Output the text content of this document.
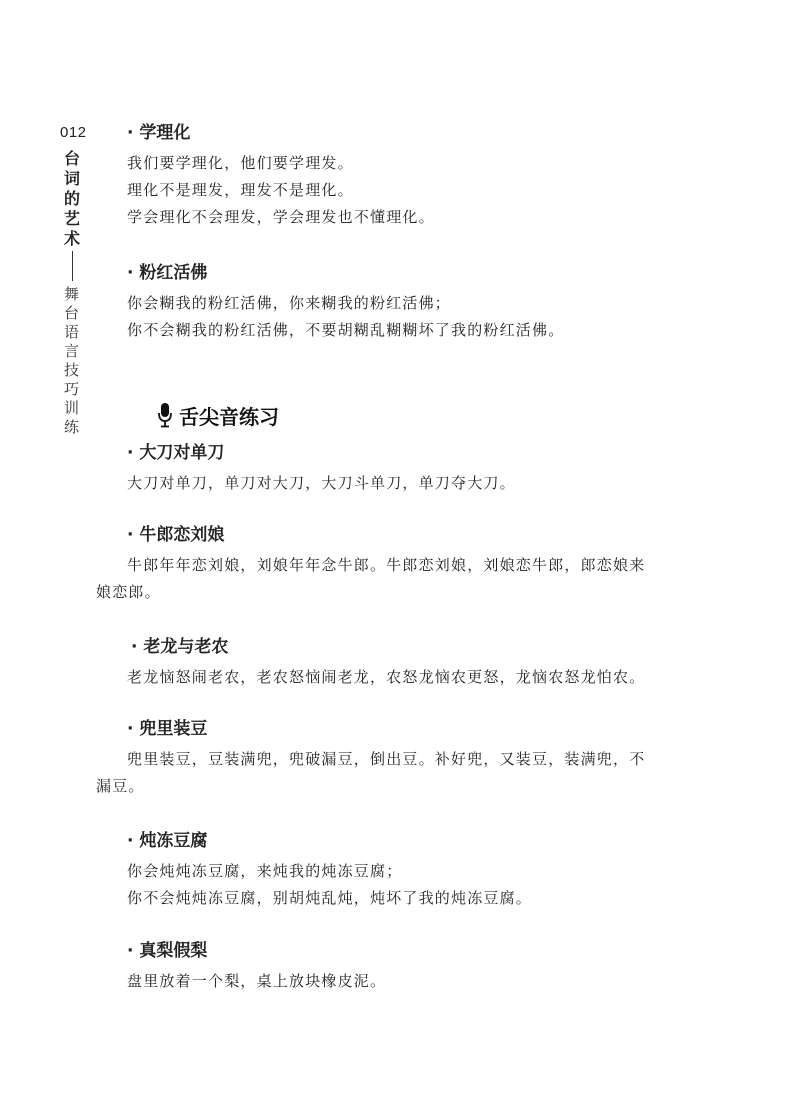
012
台词的艺术
舞台语言技巧训练
· 学理化
我们要学理化，他们要学理发。
理化不是理发，理发不是理化。
学会理化不会理发，学会理发也不懂理化。
· 粉红活佛
你会糊我的粉红活佛，你来糊我的粉红活佛；
你不会糊我的粉红活佛，不要胡糊乱糊糊坏了我的粉红活佛。
· 大刀对单刀
大刀对单刀，单刀对大刀，大刀斗单刀，单刀夺大刀。
· 牛郎恋刘娘
牛郎年年恋刘娘，刘娘年年念牛郎。牛郎恋刘娘，刘娘恋牛郎，郎恋娘来娘恋郎。
· 老龙与老农
老龙恼怒闹老农，老农怒恼闹老龙，农怒龙恼农更怒，龙恼农怒龙怕农。
· 兜里装豆
兜里装豆，豆装满兜，兜破漏豆，倒出豆。补好兜，又装豆，装满兜，不漏豆。
· 炖冻豆腐
你会炖炖冻豆腐，来炖我的炖冻豆腐；
你不会炖炖冻豆腐，别胡炖乱炖，炖坏了我的炖冻豆腐。
· 真梨假梨
盘里放着一个梨，桌上放块橡皮泥。
舌尖音练习
